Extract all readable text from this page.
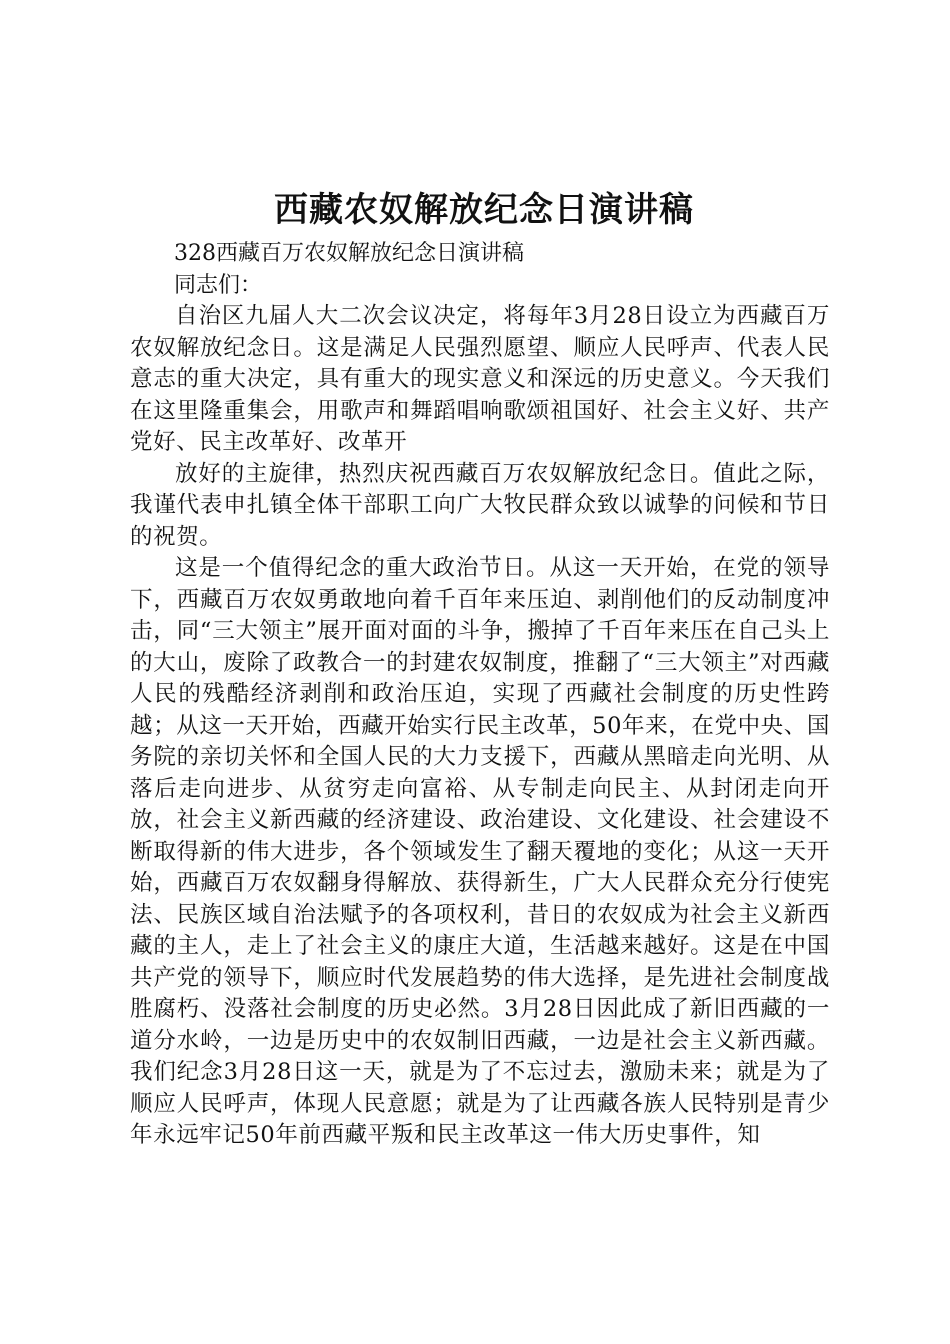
西藏农奴解放纪念日演讲稿

328西藏百万农奴解放纪念日演讲稿

同志们：

自治区九届人大二次会议决定，将每年3月28日设立为西藏百万农奴解放纪念日。这是满足人民强烈愿望、顺应人民呼声、代表人民意志的重大决定，具有重大的现实意义和深远的历史意义。今天我们在这里隆重集会，用歌声和舞蹈唱响歌颂祖国好、社会主义好、共产党好、民主改革好、改革开

放好的主旋律，热烈庆祝西藏百万农奴解放纪念日。值此之际，我谨代表申扎镇全体干部职工向广大牧民群众致以诚挚的问候和节日的祝贺。

这是一个值得纪念的重大政治节日。从这一天开始，在党的领导下，西藏百万农奴勇敢地向着千百年来压迫、剥削他们的反动制度冲击，同“三大领主”展开面对面的斗争，搬掉了千百年来压在自己头上的大山，废除了政教合一的封建农奴制度，推翻了“三大领主”对西藏人民的残酷经济剥削和政治压迫，实现了西藏社会制度的历史性跨越；从这一天开始，西藏开始实行民主改革，50年来，在党中央、国务院的亲切关怀和全国人民的大力支援下，西藏从黑暗走向光明、从落后走向进步、从贫穷走向富裕、从专制走向民主、从封闭走向开放，社会主义新西藏的经济建设、政治建设、文化建设、社会建设不断取得新的伟大进步，各个领域发生了翻天覆地的变化；从这一天开始，西藏百万农奴翻身得解放、获得新生，广大人民群众充分行使宪法、民族区域自治法赋予的各项权利，昔日的农奴成为社会主义新西藏的主人，走上了社会主义的康庄大道，生活越来越好。这是在中国共产党的领导下，顺应时代发展趋势的伟大选择，是先进社会制度战胜腐朽、没落社会制度的历史必然。3月28日因此成了新旧西藏的一道分水岭，一边是历史中的农奴制旧西藏，一边是社会主义新西藏。我们纪念3月28日这一天，就是为了不忘过去，激励未来；就是为了顺应人民呼声，体现人民意愿；就是为了让西藏各族人民特别是青少年永远牢记50年前西藏平叛和民主改革这一伟大历史事件，知
